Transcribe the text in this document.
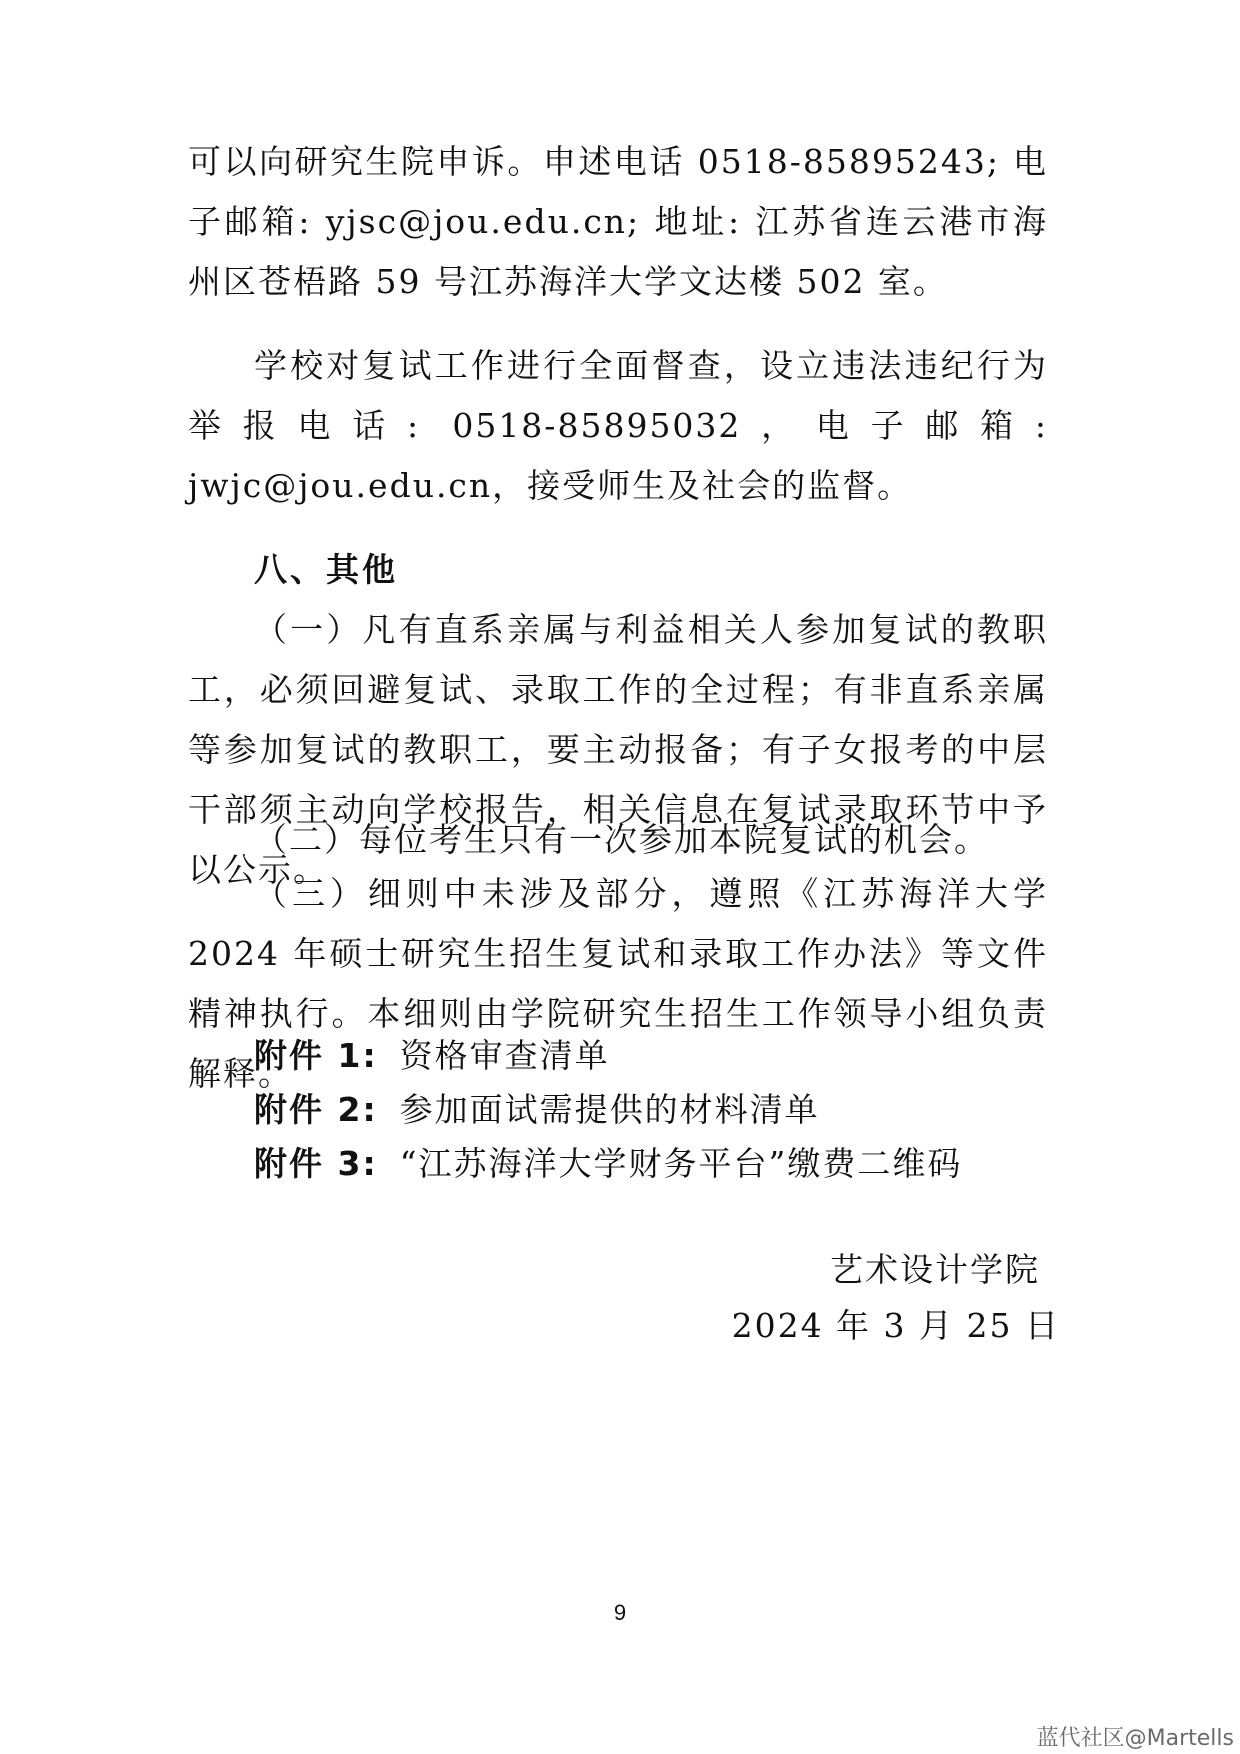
可以向研究生院申诉。申述电话 0518-85895243; 电子邮箱: yjsc@jou.edu.cn; 地址: 江苏省连云港市海州区苍梧路 59 号江苏海洋大学文达楼 502 室。

学校对复试工作进行全面督查，设立违法违纪行为举报电话: 0518-85895032，电子邮箱: jwjc@jou.edu.cn，接受师生及社会的监督。

八、其他

（一）凡有直系亲属与利益相关人参加复试的教职工，必须回避复试、录取工作的全过程；有非直系亲属等参加复试的教职工，要主动报备；有子女报考的中层干部须主动向学校报告，相关信息在复试录取环节中予以公示。

（二）每位考生只有一次参加本院复试的机会。

（三）细则中未涉及部分，遵照《江苏海洋大学 2024 年硕士研究生招生复试和录取工作办法》等文件精神执行。本细则由学院研究生招生工作领导小组负责解释。

附件 1: 资格审查清单

附件 2: 参加面试需提供的材料清单

附件 3: “江苏海洋大学财务平台”缴费二维码

艺术设计学院

2024 年 3 月 25 日

9
蓝代社区@Martells
